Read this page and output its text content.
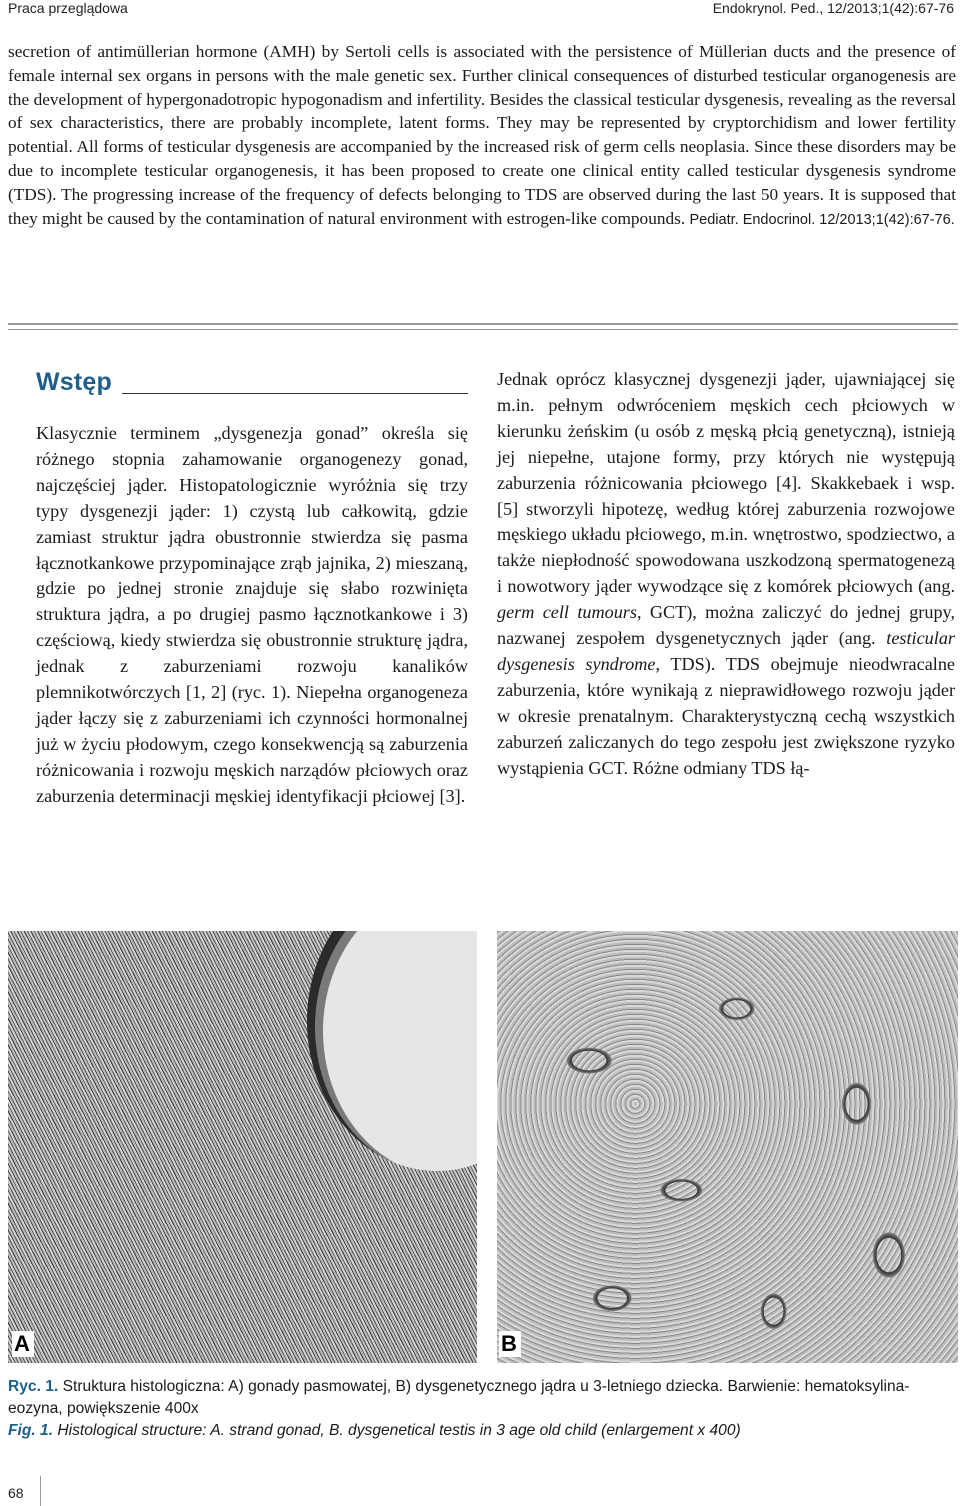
Praca przeglądowa	Endokrynol. Ped., 12/2013;1(42):67-76
secretion of antimüllerian hormone (AMH) by Sertoli cells is associated with the persistence of Müllerian ducts and the presence of female internal sex organs in persons with the male genetic sex. Further clinical consequences of disturbed testicular organogenesis are the development of hypergonadotropic hypogonadism and infertility. Besides the classical testicular dysgenesis, revealing as the reversal of sex characteristics, there are probably incomplete, latent forms. They may be represented by cryptorchidism and lower fertility potential. All forms of testicular dysgenesis are accompanied by the increased risk of germ cells neoplasia. Since these disorders may be due to incomplete testicular organogenesis, it has been proposed to create one clinical entity called testicular dysgenesis syndrome (TDS). The progressing increase of the frequency of defects belonging to TDS are observed during the last 50 years. It is supposed that they might be caused by the contamination of natural environment with estrogen-like compounds. Pediatr. Endocrinol. 12/2013;1(42):67-76.
Wstęp

Klasycznie terminem „dysgenezja gonad” określa się różnego stopnia zahamowanie organogenezy gonad, najczęściej jąder. Histopatologicznie wyróżnia się trzy typy dysgenezji jąder: 1) czystą lub całkowitą, gdzie zamiast struktur jądra obustronnie stwierdza się pasma łącznotkankowe przypominające zrąb jajnika, 2) mieszaną, gdzie po jednej stronie znajduje się słabo rozwinięta struktura jądra, a po drugiej pasmo łącznotkankowe i 3) częściową, kiedy stwierdza się obustronnie strukturę jądra, jednak z zaburzeniami rozwoju kanalików plemnikotwórczych [1, 2] (ryc. 1). Niepełna organogeneza jąder łączy się z zaburzeniami ich czynności hormonalnej już w życiu płodowym, czego konsekwencją są zaburzenia różnicowania i rozwoju męskich narządów płciowych oraz zaburzenia determinacji męskiej identyfikacji płciowej [3].

Jednak oprócz klasycznej dysgenezji jąder, ujawniającej się m.in. pełnym odwróceniem męskich cech płciowych w kierunku żeńskim (u osób z męską płcią genetyczną), istnieją jej niepełne, utajone formy, przy których nie występują zaburzenia różnicowania płciowego [4]. Skakkebaek i wsp. [5] stworzyli hipotezę, według której zaburzenia rozwojowe męskiego układu płciowego, m.in. wnętrostwo, spodziectwo, a także niepłodność spowodowana uszkodzoną spermatogenezą i nowotwory jąder wywodzące się z komórek płciowych (ang. germ cell tumours, GCT), można zaliczyć do jednej grupy, nazwanej zespołem dysgenetycznych jąder (ang. testicular dysgenesis syndrome, TDS). TDS obejmuje nieodwracalne zaburzenia, które wynikają z nieprawidłowego rozwoju jąder w okresie prenatalnym. Charakterystyczną cechą wszystkich zaburzeń zaliczanych do tego zespołu jest zwiększone ryzyko wystąpienia GCT. Różne odmiany TDS łą-

A	B

Ryc. 1. Struktura histologiczna: A) gonady pasmowatej, B) dysgenetycznego jądra u 3-letniego dziecka. Barwienie: hematoksylina-eozyna, powiększenie 400x

Fig. 1. Histological structure: A. strand gonad, B. dysgenetical testis in 3 age old child (enlargement x 400)

68
